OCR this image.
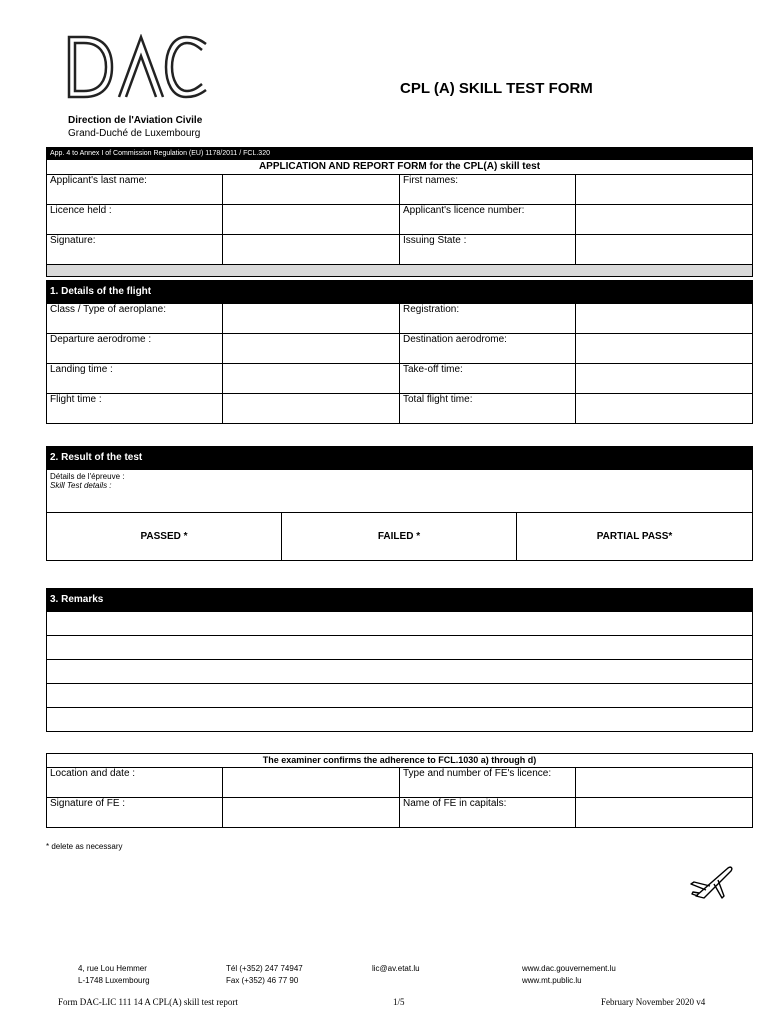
Direction de l'Aviation Civile
Grand-Duché de Luxembourg
CPL (A) SKILL TEST FORM
App. 4 to Annex I of Commission Regulation (EU) 1178/2011 / FCL.320			
APPLICATION AND REPORT FORM for the CPL(A) skill test			
Applicant's last name:		First names:	
Licence held :		Applicant's licence number:	
Signature:		Issuing State :	

1. Details of the flight			

Class / Type of aeroplane:		Registration:	
Departure aerodrome :		Destination aerodrome:	
Landing time :		Take-off time:	
Flight time :		Total flight time:	
2. Result of the test

Détails de l'épreuve :
Skill Test details :

PASSED *	FAILED *	PARTIAL PASS*
3. Remarks

The examiner confirms the adherence to FCL.1030 a) through d)			
Location and date :		Type and number of FE's licence:	
Signature of FE :		Name of FE in capitals:	
* delete as necessary
4, rue Lou Hemmer
L-1748 Luxembourg
Tél (+352) 247 74947
Fax (+352) 46 77 90
lic@av.etat.lu	www.dac.gouvernement.lu
www.mt.public.lu
Form DAC-LIC 111 14 A CPL(A) skill test report	1/5	February November 2020 v4
